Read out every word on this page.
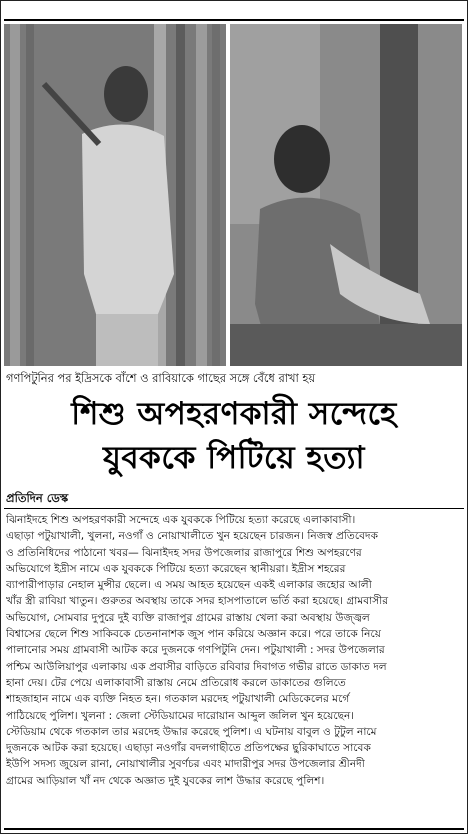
গণপিটুনির পর ইদ্রিসকে বাঁশে ও রাবিয়াকে গাছের সঙ্গে বেঁধে রাখা হয়
শিশু অপহরণকারী সন্দেহে
যুবককে পিটিয়ে হত্যা
প্রতিদিন ডেস্ক

ঝিনাইদহে শিশু অপহরণকারী সন্দেহে এক যুবককে পিটিয়ে হত্যা করেছে এলাকাবাসী।

এছাড়া পটুয়াখালী, খুলনা, নওগাঁ ও নোয়াখালীতে খুন হয়েছেন চারজন। নিজস্ব প্রতিবেদক

ও প্রতিনিধিদের পাঠানো খবর— ঝিনাইদহ সদর উপজেলার রাজাপুরে শিশু অপহরণের

অভিযোগে ইদ্রীস নামে এক যুবককে পিটিয়ে হত্যা করেছেন স্থানীয়রা। ইদ্রীস শহরের

ব্যাপারীপাড়ার নেহাল মুন্সীর ছেলে। এ সময় আহত হয়েছেন একই এলাকার জহোর আলী

খাঁর স্ত্রী রাবিয়া খাতুন। গুরুতর অবস্থায় তাকে সদর হাসপাতালে ভর্তি করা হয়েছে। গ্রামবাসীর

অভিযোগ, সোমবার দুপুরে দুই ব্যক্তি রাজাপুর গ্রামের রাস্তায় খেলা করা অবস্থায় উজ্জ্বল

বিশ্বাসের ছেলে শিশু সাকিবকে চেতনানাশক জুস পান করিয়ে অজ্ঞান করে। পরে তাকে নিয়ে

পালানোর সময় গ্রামবাসী আটক করে দুজনকে গণপিটুনি দেন। পটুয়াখালী : সদর উপজেলার

পশ্চিম আউলিয়াপুর এলাকায় এক প্রবাসীর বাড়িতে রবিবার দিবাগত গভীর রাতে ডাকাত দল

হানা দেয়। টের পেয়ে এলাকাবাসী রাস্তায় নেমে প্রতিরোধ করলে ডাকাতের গুলিতে

শাহজাহান নামে এক ব্যক্তি নিহত হন। গতকাল মরদেহ পটুয়াখালী মেডিকেলের মর্গে

পাঠিয়েছে পুলিশ। খুলনা : জেলা স্টেডিয়ামের দারোয়ান আব্দুল জলিল খুন হয়েছেন।

স্টেডিয়াম থেকে গতকাল তার মরদেহ উদ্ধার করেছে পুলিশ। এ ঘটনায় বাবুল ও টুটুল নামে

দুজনকে আটক করা হয়েছে। এছাড়া নওগাঁর বদলগাছীতে প্রতিপক্ষের ছুরিকাঘাতে সাবেক

ইউপি সদস্য জুয়েল রানা, নোয়াখালীর সুবর্ণচর এবং মাদারীপুর সদর উপজেলার শ্রীনদী

গ্রামের আড়িয়াল খাঁ নদ থেকে অজ্ঞাত দুই যুবকের লাশ উদ্ধার করেছে পুলিশ।
